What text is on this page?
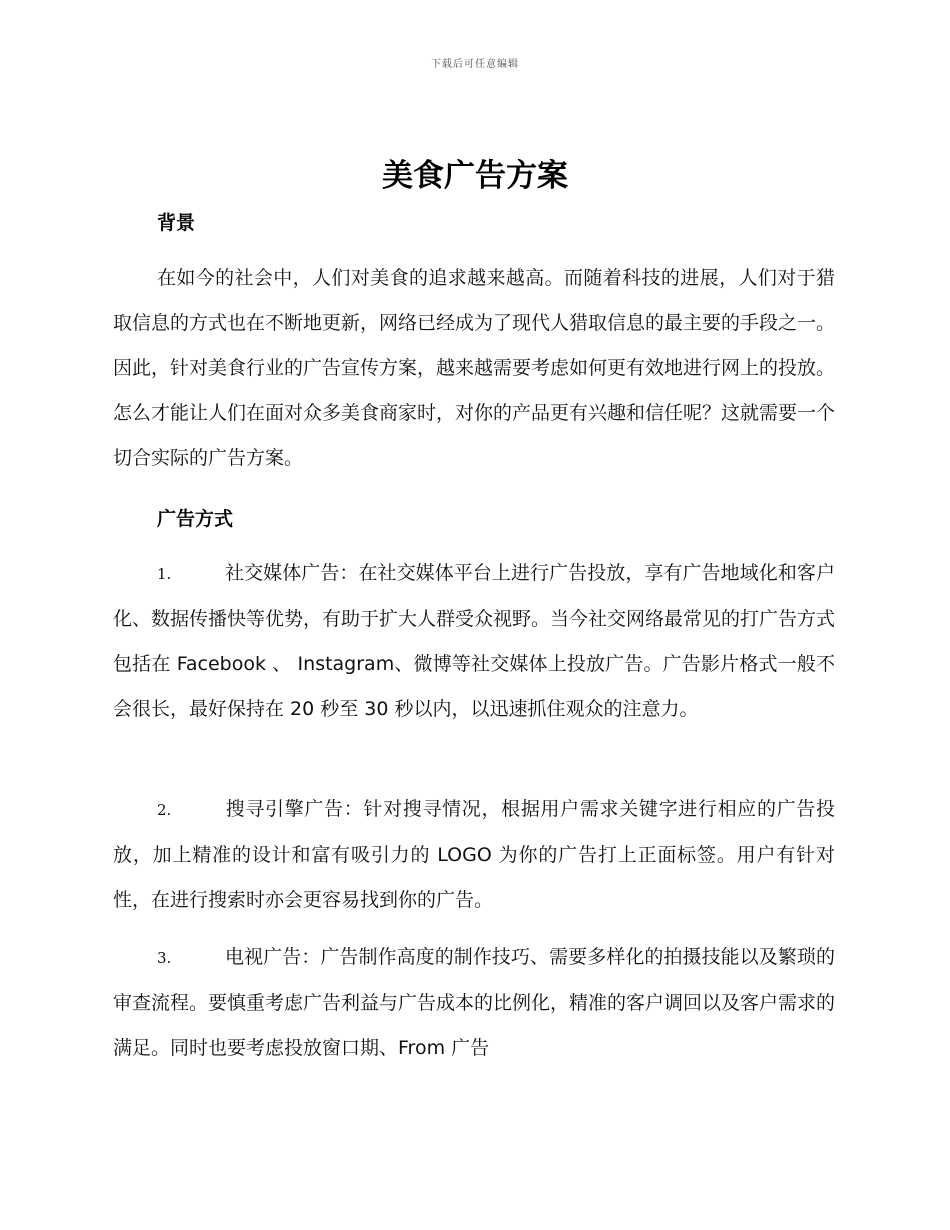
下载后可任意编辑
美食广告方案
背景

在如今的社会中，人们对美食的追求越来越高。而随着科技的进展，人们对于猎取信息的方式也在不断地更新，网络已经成为了现代人猎取信息的最主要的手段之一。因此，针对美食行业的广告宣传方案，越来越需要考虑如何更有效地进行网上的投放。怎么才能让人们在面对众多美食商家时，对你的产品更有兴趣和信任呢？这就需要一个切合实际的广告方案。

广告方式
1.	社交媒体广告：在社交媒体平台上进行广告投放，享有广告地域化和客户化、数据传播快等优势，有助于扩大人群受众视野。当今社交网络最常见的打广告方式包括在 Facebook 、 Instagram、微博等社交媒体上投放广告。广告影片格式一般不会很长，最好保持在 20 秒至 30 秒以内，以迅速抓住观众的注意力。
2.	搜寻引擎广告：针对搜寻情况，根据用户需求关键字进行相应的广告投放，加上精准的设计和富有吸引力的 LOGO 为你的广告打上正面标签。用户有针对性，在进行搜索时亦会更容易找到你的广告。
3.	电视广告：广告制作高度的制作技巧、需要多样化的拍摄技能以及繁琐的审查流程。要慎重考虑广告利益与广告成本的比例化，精准的客户调回以及客户需求的满足。同时也要考虑投放窗口期、From 广告
